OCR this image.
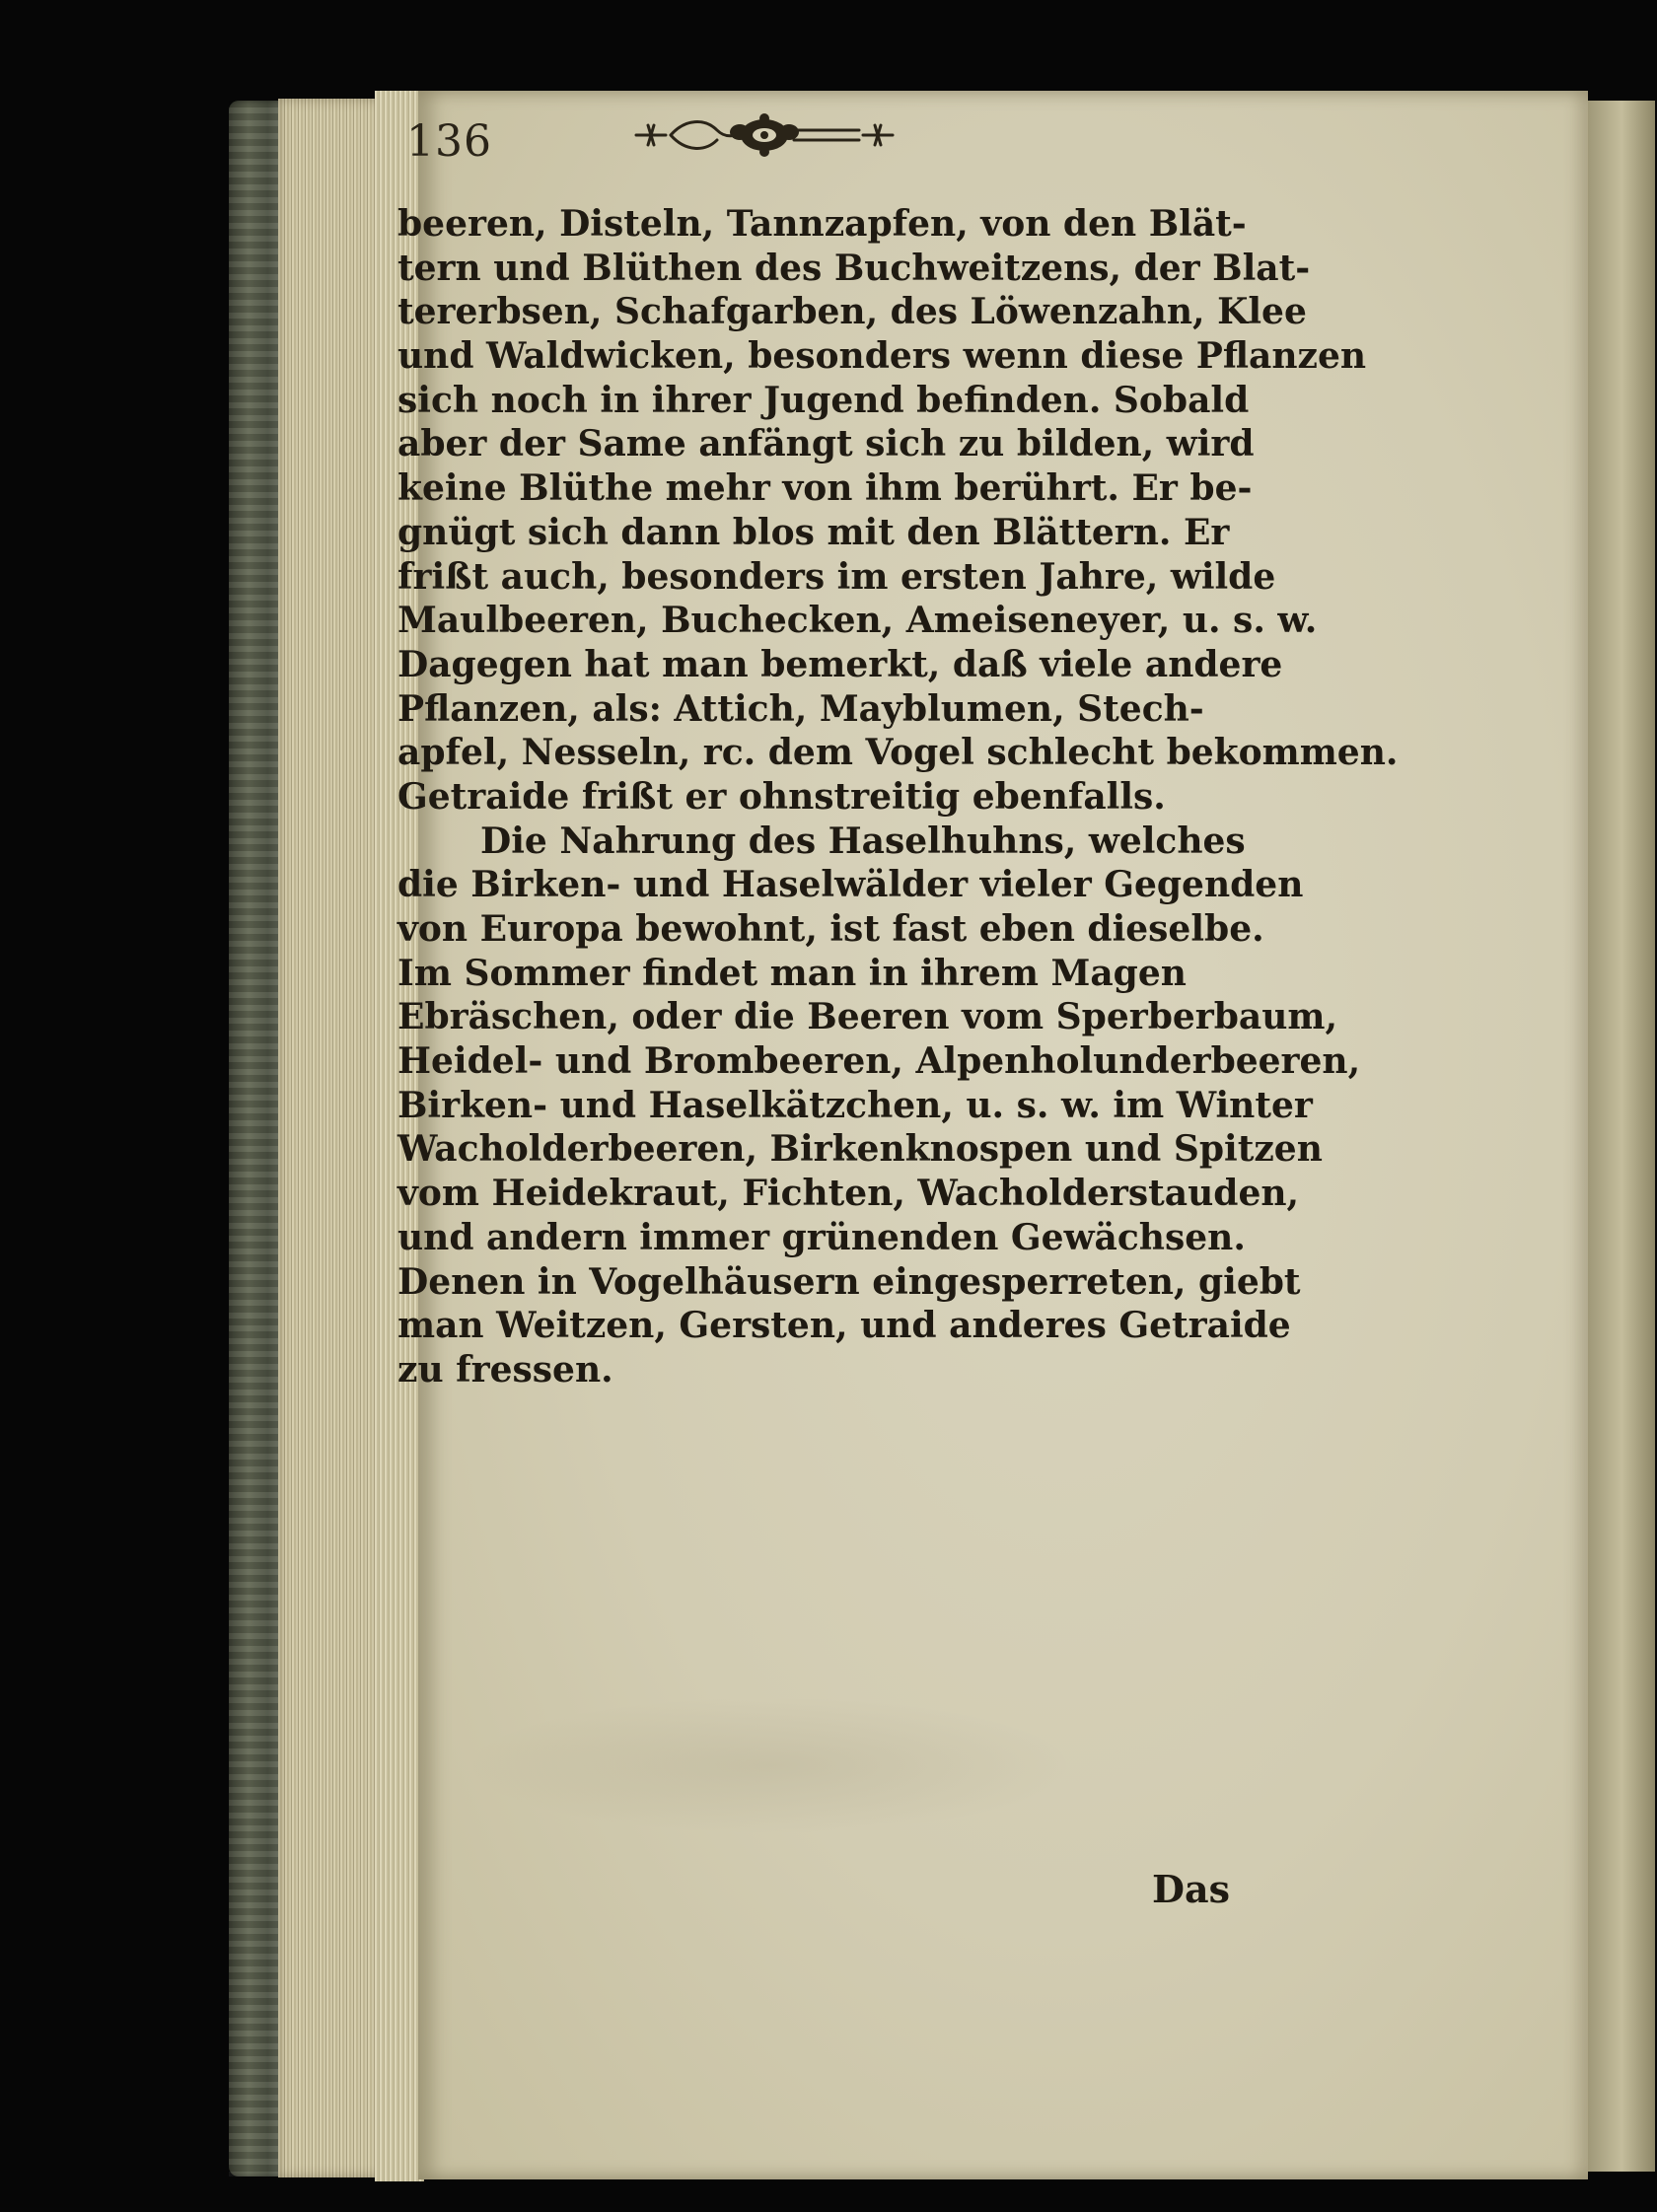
136
beeren, Disteln, Tannzapfen, von den Blät-
tern und Blüthen des Buchweitzens, der Blat-
tererbsen, Schafgarben, des Löwenzahn, Klee
und Waldwicken, besonders wenn diese Pflanzen
sich noch in ihrer Jugend befinden. Sobald
aber der Same anfängt sich zu bilden, wird
keine Blüthe mehr von ihm berührt. Er be-
gnügt sich dann blos mit den Blättern. Er
frißt auch, besonders im ersten Jahre, wilde
Maulbeeren, Buchecken, Ameiseneyer, u. s. w.
Dagegen hat man bemerkt, daß viele andere
Pflanzen, als: Attich, Mayblumen, Stech-
apfel, Nesseln, rc. dem Vogel schlecht bekommen.
Getraide frißt er ohnstreitig ebenfalls.
Die Nahrung des Haselhuhns, welches
die Birken- und Haselwälder vieler Gegenden
von Europa bewohnt, ist fast eben dieselbe.
Im Sommer findet man in ihrem Magen
Ebräschen, oder die Beeren vom Sperberbaum,
Heidel- und Brombeeren, Alpenholunderbeeren,
Birken- und Haselkätzchen, u. s. w. im Winter
Wacholderbeeren, Birkenknospen und Spitzen
vom Heidekraut, Fichten, Wacholderstauden,
und andern immer grünenden Gewächsen.
Denen in Vogelhäusern eingesperreten, giebt
man Weitzen, Gersten, und anderes Getraide
zu fressen.
Das
